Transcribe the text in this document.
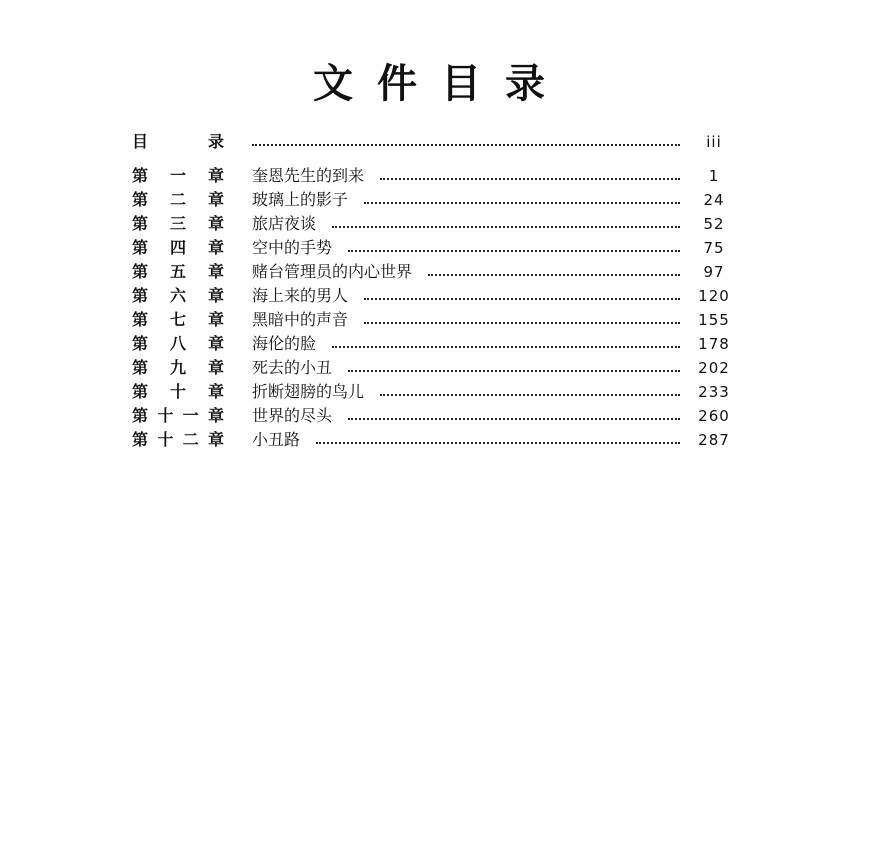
文件目录
目	录	iii
第 一 章 奎恩先生的到来	1
第 二 章 玻璃上的影子	24
第 三 章 旅店夜谈	52
第 四 章 空中的手势	75
第 五 章 赌台管理员的内心世界	97
第 六 章 海上来的男人	120
第 七 章 黑暗中的声音	155
第 八 章 海伦的脸	178
第 九 章 死去的小丑	202
第 十 章 折断翅膀的鸟儿	233
第 十 一 章 世界的尽头	260
第 十 二 章 小丑路	287
